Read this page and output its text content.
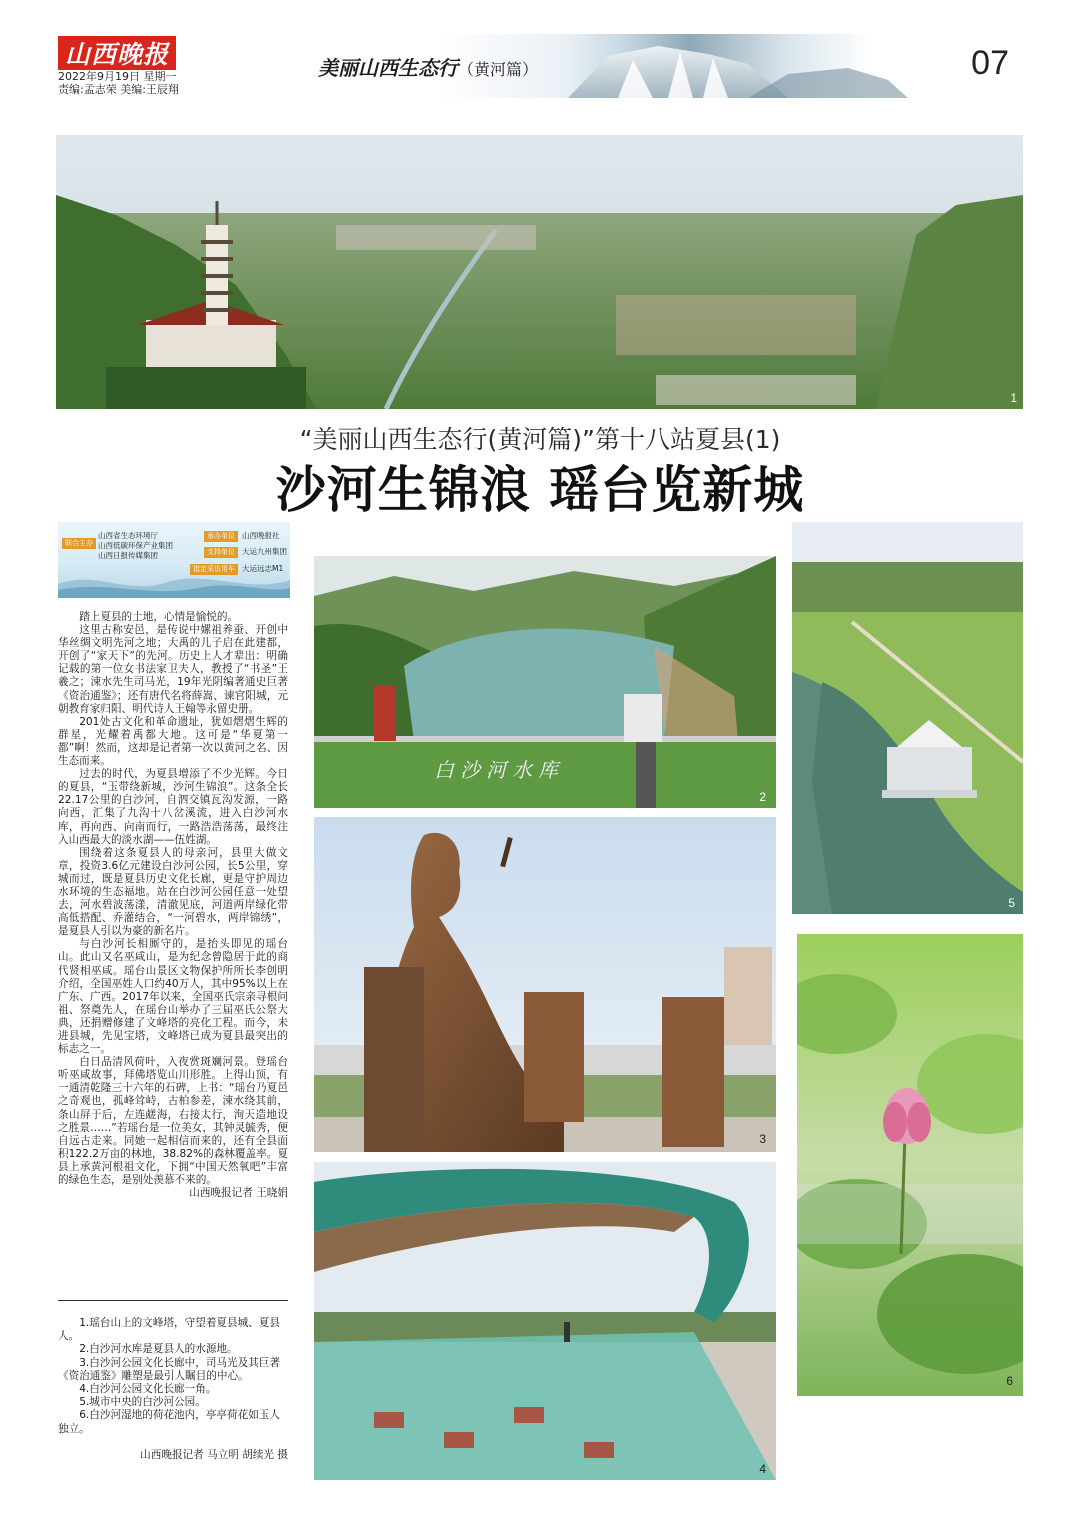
山西晚报
2022年9月19日 星期一
责编:孟志荣 美编:王辰翔
美丽山西生态行（黄河篇）	07
1
“美丽山西生态行(黄河篇)”第十八站夏县(1)
沙河生锦浪 瑶台览新城
联合主办
山西省生态环境厅
山西低碳环保产业集团
山西日报传媒集团
承办单位 山西晚报社
支持单位 大运九州集团
指定采访用车 大运远志M1

踏上夏县的土地，心情是愉悦的。

这里古称安邑，是传说中嫘祖养蚕、开创中华丝绸文明先河之地；大禹的儿子启在此建都，开创了“家天下”的先河。历史上人才辈出：明确记载的第一位女书法家卫夫人，教授了“书圣”王羲之；涑水先生司马光，19年光阴编著通史巨著《资治通鉴》；还有唐代名将薛嵩、谏官阳城，元朝教育家归阳、明代诗人王翰等永留史册。

201处古文化和革命遗址，犹如熠熠生辉的群星，光耀着禹都大地。这可是“华夏第一都”啊！然而，这却是记者第一次以黄河之名、因生态而来。

过去的时代，为夏县增添了不少光辉。今日的夏县，“玉带绕新城，沙河生锦浪”。这条全长22.17公里的白沙河，自泗交镇瓦沟发源，一路向西，汇集了九沟十八岔溪流，进入白沙河水库，再向西、向南而行，一路浩浩荡荡，最终注入山西最大的淡水湖——伍姓湖。

围绕着这条夏县人的母亲河，县里大做文章，投资3.6亿元建设白沙河公园，长5公里，穿城而过，既是夏县历史文化长廊，更是守护周边水环境的生态福地。站在白沙河公园任意一处望去，河水碧波荡漾，清澈见底，河道两岸绿化带高低搭配、乔灌结合，“一河碧水，两岸锦绣”，是夏县人引以为豪的新名片。

与白沙河长相厮守的，是抬头即见的瑶台山。此山又名巫咸山，是为纪念曾隐居于此的商代贤相巫咸。瑶台山景区文物保护所所长李创明介绍，全国巫姓人口约40万人，其中95%以上在广东、广西。2017年以来，全国巫氏宗亲寻根问祖、祭奠先人，在瑶台山举办了三届巫氏公祭大典，还捐赠修建了文峰塔的亮化工程。而今，未进县城，先见宝塔，文峰塔已成为夏县最突出的标志之一。

白日品清风荷叶，入夜赏斑斓河景。登瑶台听巫咸故事，拜佛塔览山川形胜。上得山顶，有一通清乾隆三十六年的石碑，上书：“瑶台乃夏邑之奇观也，孤峰耸峙，古柏参差，涑水绕其前，条山屏于后，左连鹾海，右接太行，洵天造地设之胜景……”若瑶台是一位美女，其钟灵毓秀，便自远古走来。同她一起相信而来的，还有全县面积122.2万亩的林地，38.82%的森林覆盖率。夏县上承黄河根祖文化，下拥“中国天然氧吧”丰富的绿色生态，是别处羡慕不来的。

山西晚报记者 王晓娟

1.瑶台山上的文峰塔，守望着夏县城、夏县人。
2.白沙河水库是夏县人的水源地。
3.白沙河公园文化长廊中，司马光及其巨著《资治通鉴》雕塑是最引人瞩目的中心。
4.白沙河公园文化长廊一角。
5.城市中央的白沙河公园。
6.白沙河湿地的荷花池内，亭亭荷花如玉人独立。
山西晚报记者 马立明 胡续光 摄
白沙河水库
2
3
4
5
6
